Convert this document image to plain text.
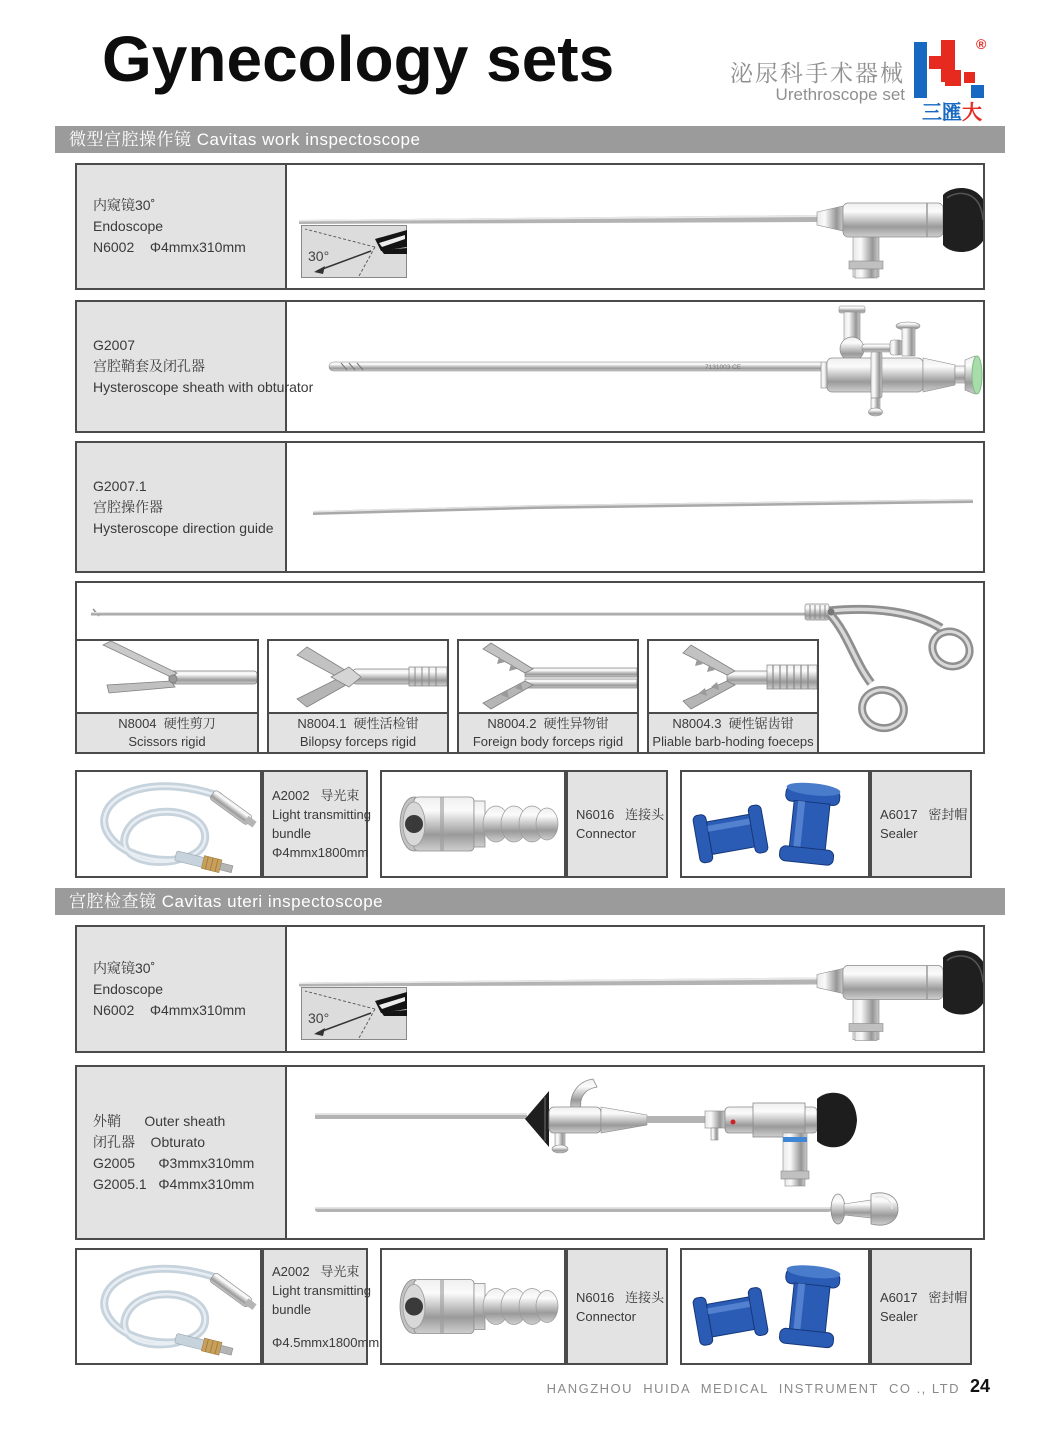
Gynecology sets	泌尿科手术器械
Urethroscope set
®
三匯大
微型宫腔操作镜 Cavitas work inspectoscope
内窥镜30˚
Endoscope
N6002    Φ4mmx310mm
30°
G2007
宫腔鞘套及闭孔器
Hysteroscope sheath with obturator
7131003 CE
G2007.1
宫腔操作器
Hysteroscope direction guide
N8004  硬性剪刀
Scissors rigid
N8004.1  硬性活检钳
Bilopsy forceps rigid
N8004.2  硬性异物钳
Foreign body forceps rigid
N8004.3  硬性锯齿钳
Pliable barb-hoding foeceps
A2002   导光束
Light transmitting
bundle
Φ4mmx1800mm
N6016   连接头
Connector
A6017   密封帽
Sealer
宫腔检查镜 Cavitas uteri inspectoscope
内窥镜30˚
Endoscope
N6002    Φ4mmx310mm
30°
外鞘      Outer sheath
闭孔器    Obturato
G2005      Φ3mmx310mm
G2005.1   Φ4mmx310mm
A2002   导光束
Light transmitting
bundle
Φ4.5mmx1800mm
N6016   连接头
Connector
A6017   密封帽
Sealer
HANGZHOU  HUIDA  MEDICAL  INSTRUMENT  CO ., LTD 24
